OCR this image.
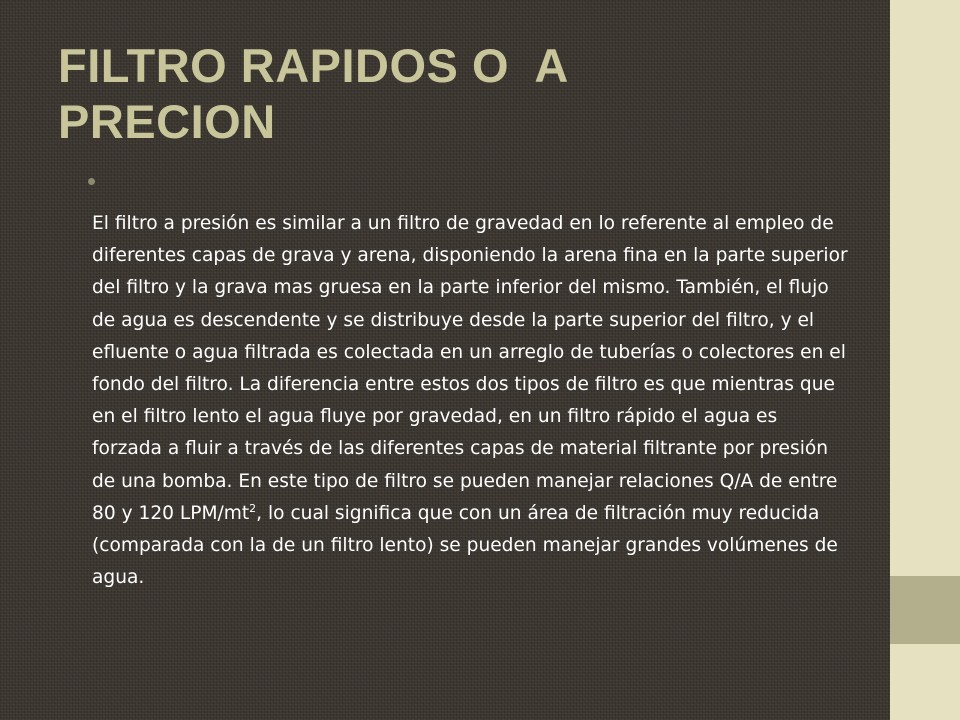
FILTRO RAPIDOS O  A
PRECION

El filtro a presión es similar a un filtro de gravedad en lo referente al empleo de diferentes capas de grava y arena, disponiendo la arena fina en la parte superior del filtro y la grava mas gruesa en la parte inferior del mismo. También, el flujo de agua es descendente y se distribuye desde la parte superior del filtro, y el efluente o agua filtrada es colectada en un arreglo de tuberías o colectores en el fondo del filtro. La diferencia entre estos dos tipos de filtro es que mientras que en el filtro lento el agua fluye por gravedad, en un filtro rápido el agua es forzada a fluir a través de las diferentes capas de material filtrante por presión de una bomba. En este tipo de filtro se pueden manejar relaciones Q/A de entre 80 y 120 LPM/$mt^2$, lo cual significa que con un área de filtración muy reducida (comparada con la de un filtro lento) se pueden manejar grandes volúmenes de agua.
